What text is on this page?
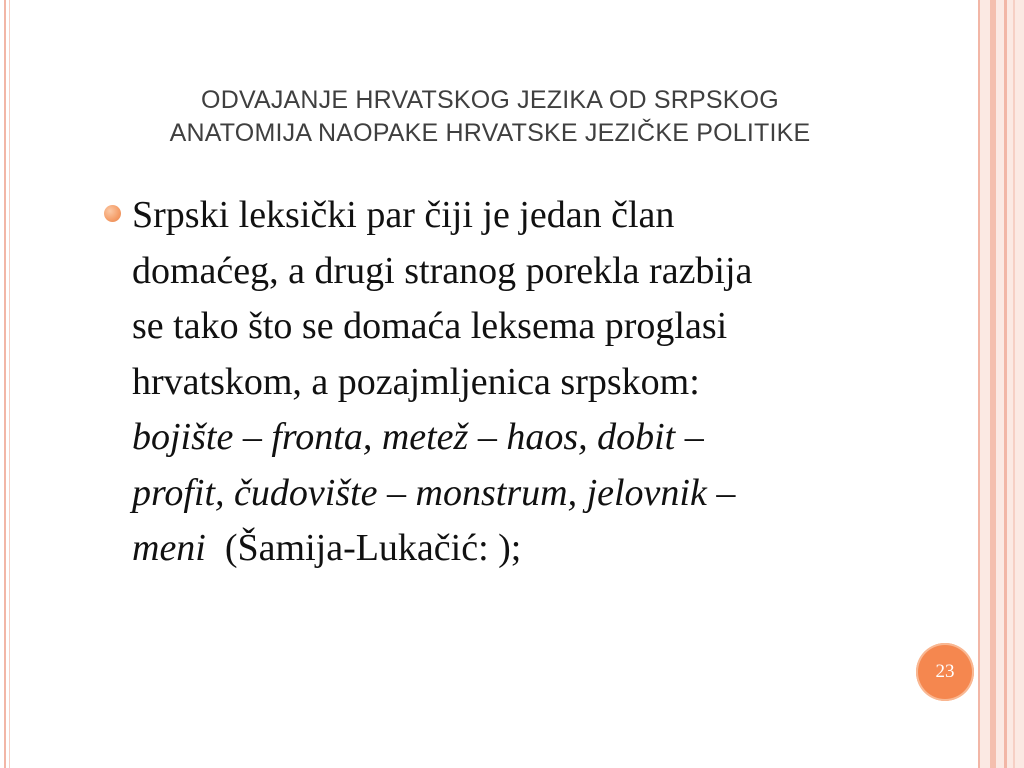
ODVAJANJE HRVATSKOG JEZIKA OD SRPSKOG
ANATOMIJA NAOPAKE HRVATSKE JEZIČKE POLITIKE
Srpski leksički par čiji je jedan član
domaćeg, a drugi stranog porekla razbija
se tako što se domaća leksema proglasi
hrvatskom, a pozajmljenica srpskom:
bojište – fronta, metež – haos, dobit –
profit, čudovište – monstrum, jelovnik –
meni  (Šamija-Lukačić: );
23
